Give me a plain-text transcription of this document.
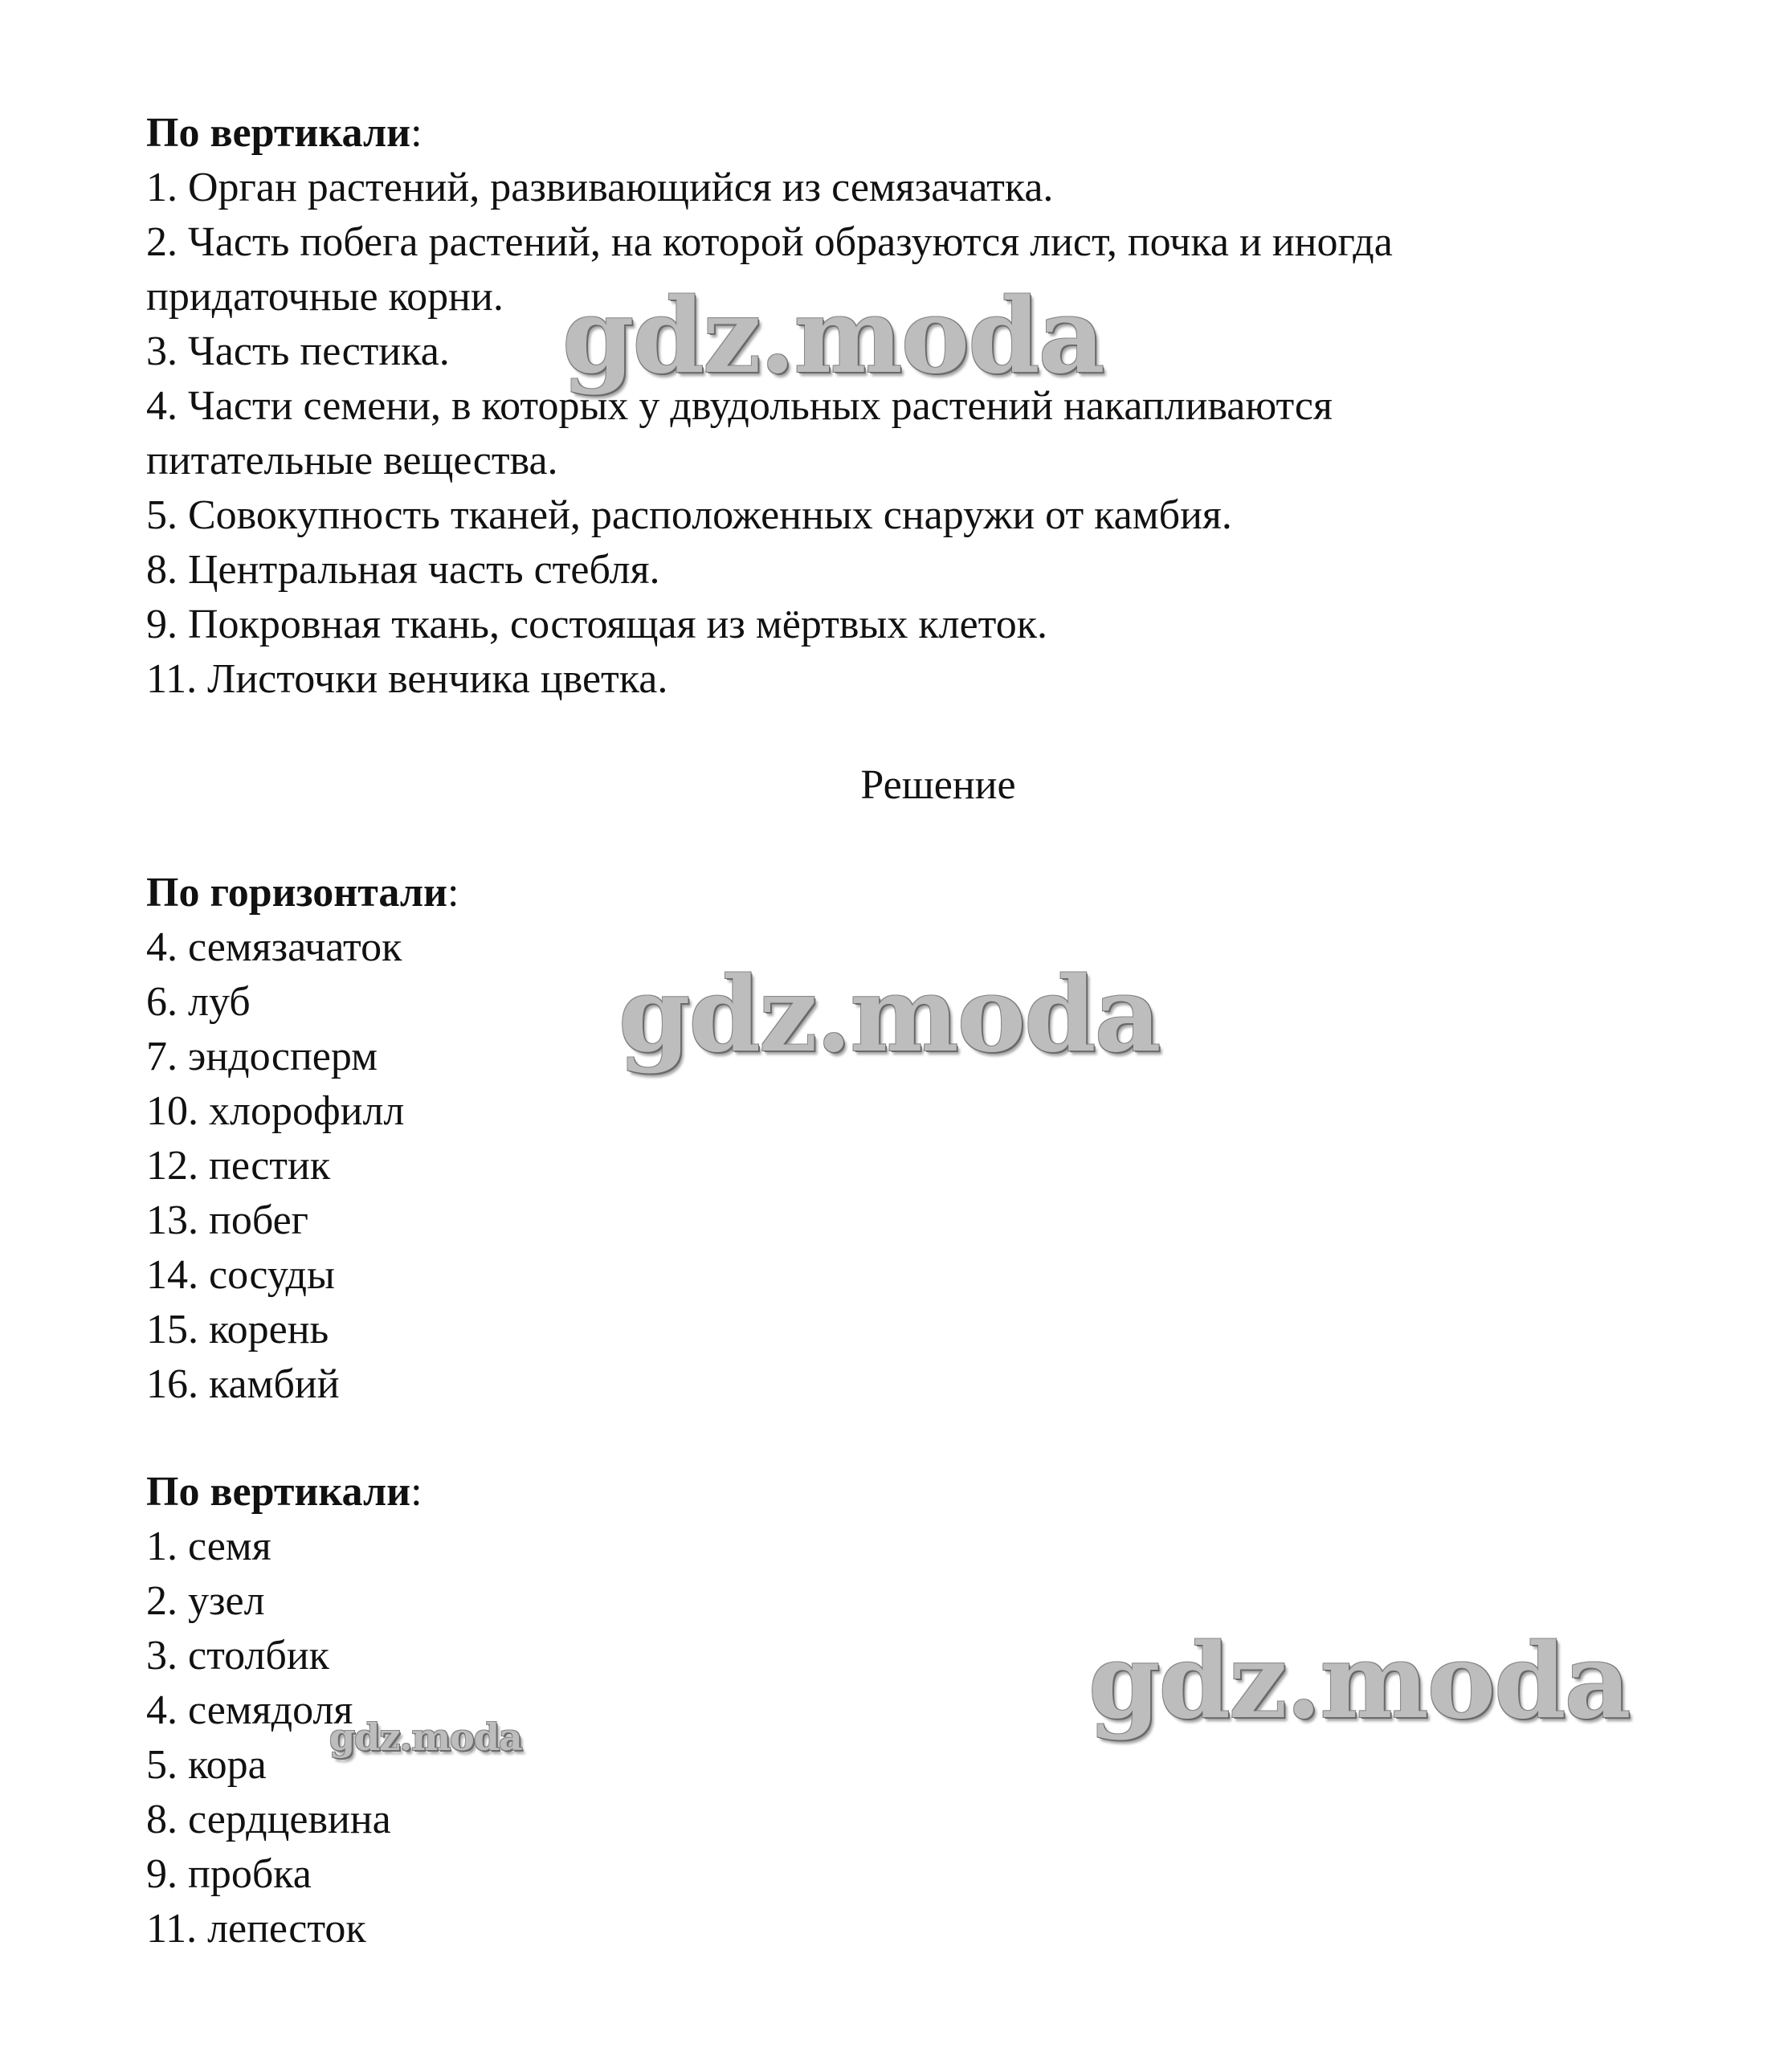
По вертикали:

1. Орган растений, развивающийся из семязачатка.
2. Часть побега растений, на которой образуются лист, почка и иногда
придаточные корни.
3. Часть пестика.
4. Части семени, в которых у двудольных растений накапливаются
питательные вещества.
5. Совокупность тканей, расположенных снаружи от камбия.
8. Центральная часть стебля.
9. Покровная ткань, состоящая из мёртвых клеток.
11. Листочки венчика цветка.

Решение

По горизонтали:

4. семязачаток
6. луб
7. эндосперм
10. хлорофилл
12. пестик
13. побег
14. сосуды
15. корень
16. камбий

По вертикали:

1. семя
2. узел
3. столбик
4. семядоля
5. кора
8. сердцевина
9. пробка
11. лепесток
gdz.moda
gdz.moda
gdz.moda
gdz.moda
